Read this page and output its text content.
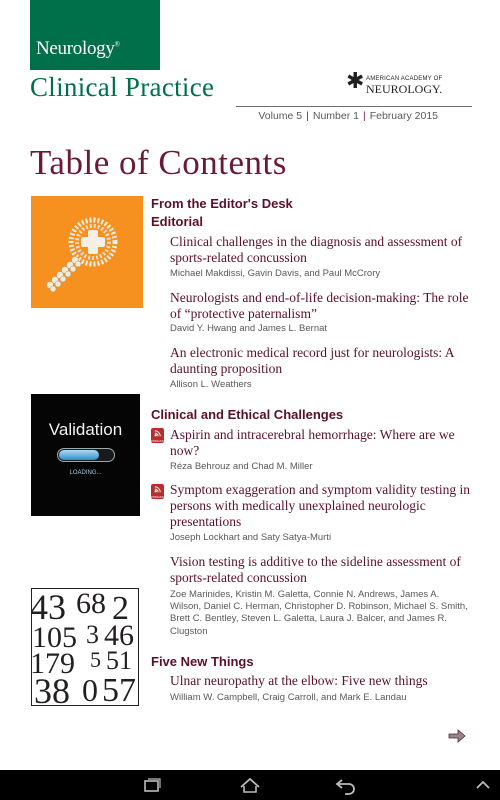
Neurology®
Clinical Practice	✱ AMERICAN ACADEMY OF
NEUROLOGY.
Volume 5 | Number 1 | February 2015
Table of Contents
Validation
LOADING...
43 68 2
105 3 46
179 5 51
38 0 57
From the Editor's Desk
Editorial
Clinical challenges in the diagnosis and assessment of sports-related concussion
Michael Makdissi, Gavin Davis, and Paul McCrory
Neurologists and end-of-life decision-making: The role of “protective paternalism”
David Y. Hwang and James L. Bernat
An electronic medical record just for neurologists: A daunting proposition
Allison L. Weathers
Clinical and Ethical Challenges
PODCAST Aspirin and intracerebral hemorrhage: Where are we now?
Réza Behrouz and Chad M. Miller
PODCAST Symptom exaggeration and symptom validity testing in persons with medically unexplained neurologic presentations
Joseph Lockhart and Saty Satya-Murti
Vision testing is additive to the sideline assessment of sports-related concussion
Zoe Marinides, Kristin M. Galetta, Connie N. Andrews, James A. Wilson, Daniel C. Herman, Christopher D. Robinson, Michael S. Smith, Brett C. Bentley, Steven L. Galetta, Laura J. Balcer, and James R. Clugston
Five New Things
Ulnar neuropathy at the elbow: Five new things
William W. Campbell, Craig Carroll, and Mark E. Landau
